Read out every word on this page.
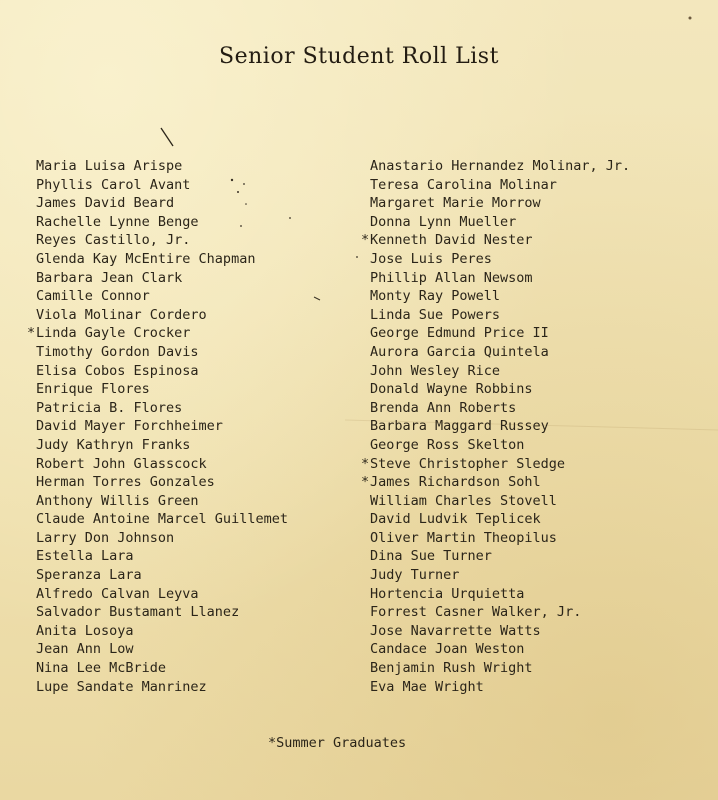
Senior Student Roll List
Maria Luisa Arispe
Phyllis Carol Avant
James David Beard
Rachelle Lynne Benge
Reyes Castillo, Jr.
Glenda Kay McEntire Chapman
Barbara Jean Clark
Camille Connor
Viola Molinar Cordero
* Linda Gayle Crocker
Timothy Gordon Davis
Elisa Cobos Espinosa
Enrique Flores
Patricia B. Flores
David Mayer Forchheimer
Judy Kathryn Franks
Robert John Glasscock
Herman Torres Gonzales
Anthony Willis Green
Claude Antoine Marcel Guillemet
Larry Don Johnson
Estella Lara
Speranza Lara
Alfredo Calvan Leyva
Salvador Bustamant Llanez
Anita Losoya
Jean Ann Low
Nina Lee McBride
Lupe Sandate Manrinez
Anastario Hernandez Molinar, Jr.
Teresa Carolina Molinar
Margaret Marie Morrow
Donna Lynn Mueller
* Kenneth David Nester
Jose Luis Peres
Phillip Allan Newsom
Monty Ray Powell
Linda Sue Powers
George Edmund Price II
Aurora Garcia Quintela
John Wesley Rice
Donald Wayne Robbins
Brenda Ann Roberts
Barbara Maggard Russey
George Ross Skelton
* Steve Christopher Sledge
* James Richardson Sohl
William Charles Stovell
David Ludvik Teplicek
Oliver Martin Theopilus
Dina Sue Turner
Judy Turner
Hortencia Urquietta
Forrest Casner Walker, Jr.
Jose Navarrette Watts
Candace Joan Weston
Benjamin Rush Wright
Eva Mae Wright
*Summer Graduates
